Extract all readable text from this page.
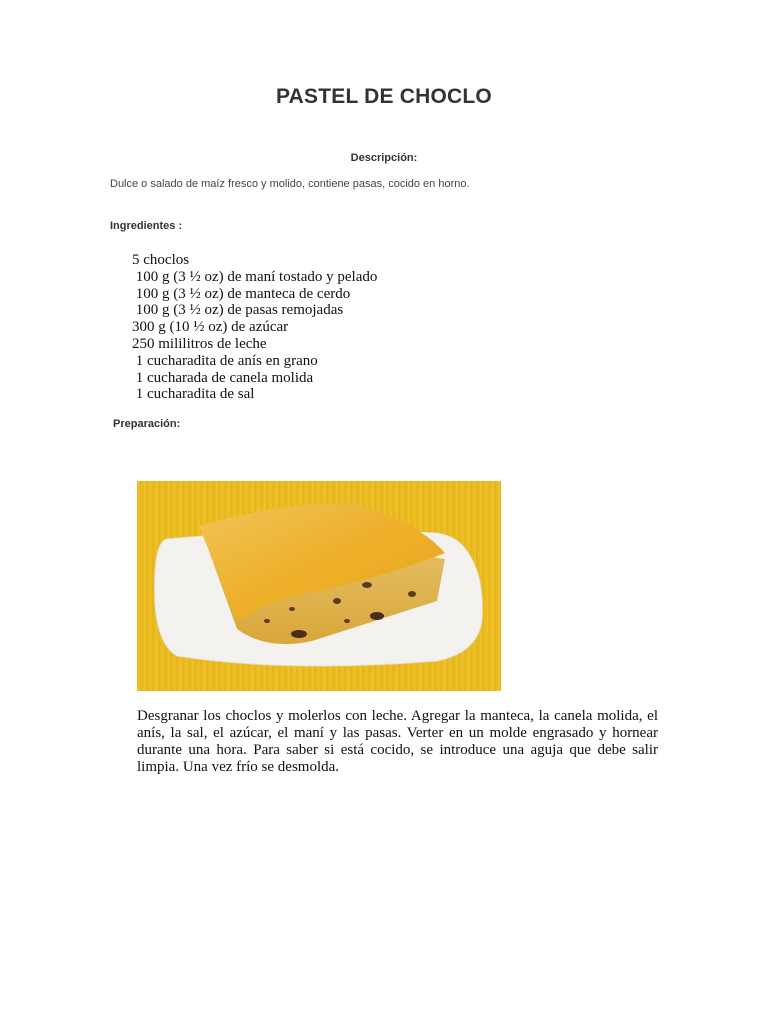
PASTEL DE CHOCLO
Descripción:
Dulce o salado de maíz fresco y molido, contiene pasas, cocido en horno.
Ingredientes :
5 choclos
100 g (3 ½ oz) de maní tostado y pelado
100 g (3 ½ oz) de manteca de cerdo
100 g (3 ½ oz) de pasas remojadas
300 g (10 ½ oz) de azúcar
250 mililitros de leche
1 cucharadita de anís en grano
1 cucharada de canela molida
1 cucharadita de sal
Preparación:

Desgranar los choclos y molerlos con leche. Agregar la manteca, la canela molida, el anís, la sal, el azúcar, el maní y las pasas. Verter en un molde engrasado y hornear durante una hora. Para saber si está cocido, se introduce una aguja que debe salir limpia. Una vez frío se desmolda.
